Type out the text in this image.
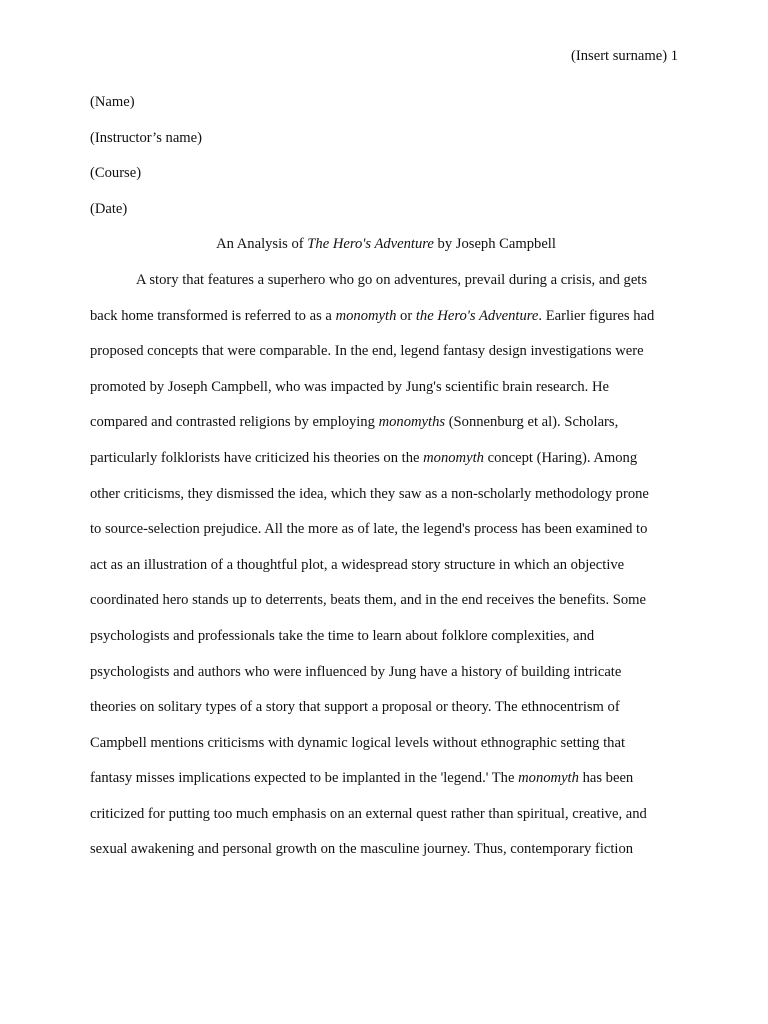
(Insert surname) 1
(Name)
(Instructor’s name)
(Course)
(Date)
An Analysis of The Hero's Adventure by Joseph Campbell
A story that features a superhero who go on adventures, prevail during a crisis, and gets
back home transformed is referred to as a monomyth or the Hero's Adventure. Earlier figures had
proposed concepts that were comparable. In the end, legend fantasy design investigations were
promoted by Joseph Campbell, who was impacted by Jung's scientific brain research. He
compared and contrasted religions by employing monomyths (Sonnenburg et al). Scholars,
particularly folklorists have criticized his theories on the monomyth concept (Haring). Among
other criticisms, they dismissed the idea, which they saw as a non-scholarly methodology prone
to source-selection prejudice. All the more as of late, the legend's process has been examined to
act as an illustration of a thoughtful plot, a widespread story structure in which an objective
coordinated hero stands up to deterrents, beats them, and in the end receives the benefits. Some
psychologists and professionals take the time to learn about folklore complexities, and
psychologists and authors who were influenced by Jung have a history of building intricate
theories on solitary types of a story that support a proposal or theory. The ethnocentrism of
Campbell mentions criticisms with dynamic logical levels without ethnographic setting that
fantasy misses implications expected to be implanted in the 'legend.' The monomyth has been
criticized for putting too much emphasis on an external quest rather than spiritual, creative, and
sexual awakening and personal growth on the masculine journey. Thus, contemporary fiction
